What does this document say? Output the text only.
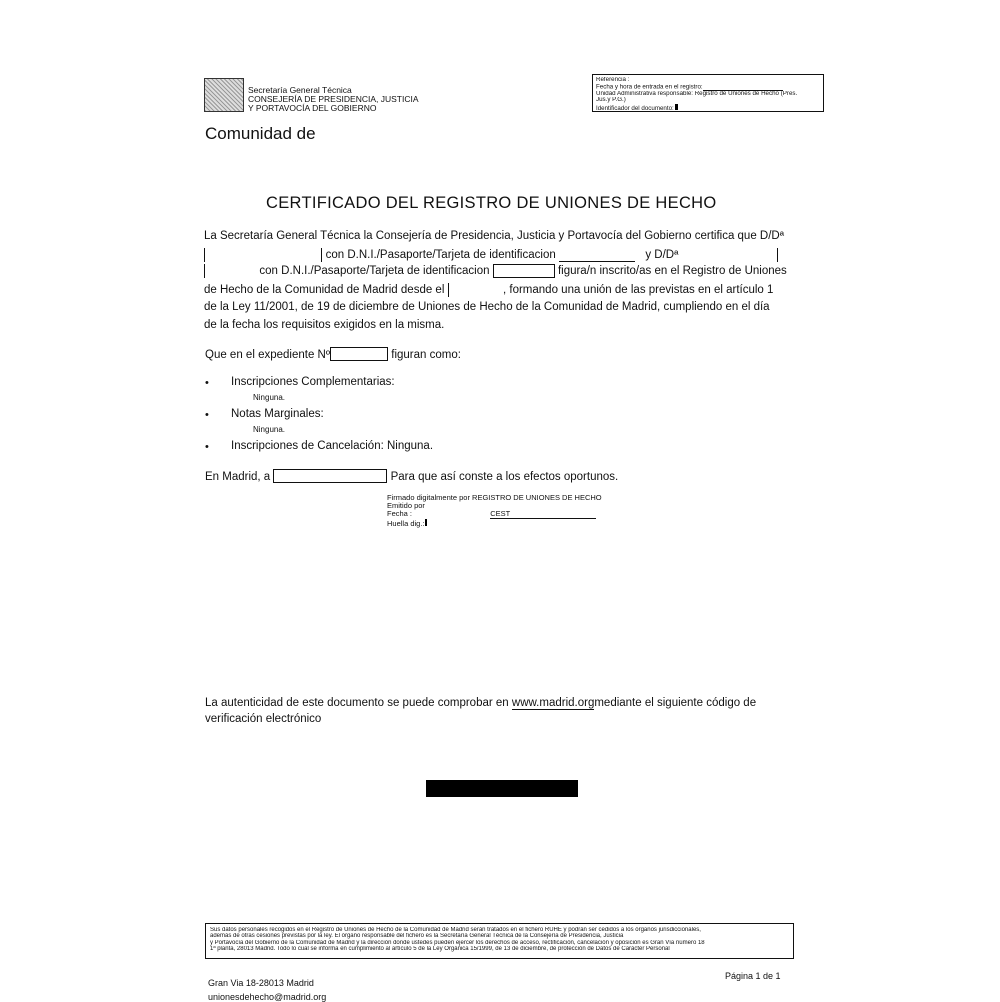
Secretaría General Técnica
CONSEJERÍA DE PRESIDENCIA, JUSTICIA
Y PORTAVOCÍA DEL GOBIERNO
Comunidad de
Referencia :
Fecha y hora de entrada en el registro:
Unidad Administrativa responsable: Registro de Uniones de Hecho (Pres.
Jus.y P.G.)
Identificador del documento:
CERTIFICADO DEL REGISTRO DE UNIONES DE HECHO
La Secretaría General Técnica la Consejería de Presidencia, Justicia y Portavocía del Gobierno certifica que D/Dª
con D.N.I./Pasaporte/Tarjeta de identificacion	y D/Dª
con D.N.I./Pasaporte/Tarjeta de identificacion	figura/n inscrito/as en el Registro de Uniones
de Hecho de la Comunidad de Madrid desde el	, formando una unión de las previstas en el artículo 1
de la Ley 11/2001, de 19 de diciembre de Uniones de Hecho de la Comunidad de Madrid, cumpliendo en el día
de la fecha los requisitos exigidos en la misma.
Que en el expediente Nº	figuran como:
• Inscripciones Complementarias:
Ninguna.
• Notas Marginales:
Ninguna.
• Inscripciones de Cancelación: Ninguna.
En Madrid, a	Para que así conste a los efectos oportunos.
Firmado digitalmente por REGISTRO DE UNIONES DE HECHO
Emitido por
Fecha :	CEST
Huella dig.:
La autenticidad de este documento se puede comprobar en www.madrid.orgmediante el siguiente código de
verificación electrónico
Sus datos personales recogidos en el Registro de Uniones de Hecho de la Comunidad de Madrid serán tratados en el fichero RUHE y podrán ser cedidos a los órganos jurisdiccionales,
además de otras cesiones previstas por la ley. El órgano responsable del fichero es la Secretaría General Técnica de la Consejería de Presidencia, Justicia
y Portavocía del Gobierno de la Comunidad de Madrid y la dirección donde ustedes pueden ejercer los derechos de acceso, rectificación, cancelación y oposición es Gran Vía número 18
1ª planta, 28013 Madrid. Todo lo cual se informa en cumplimiento al artículo 5 de la Ley Orgánica 15/1999, de 13 de diciembre, de protección de Datos de Carácter Personal
Gran Via 18-28013 Madrid
unionesdehecho@madrid.org
Página 1 de 1
